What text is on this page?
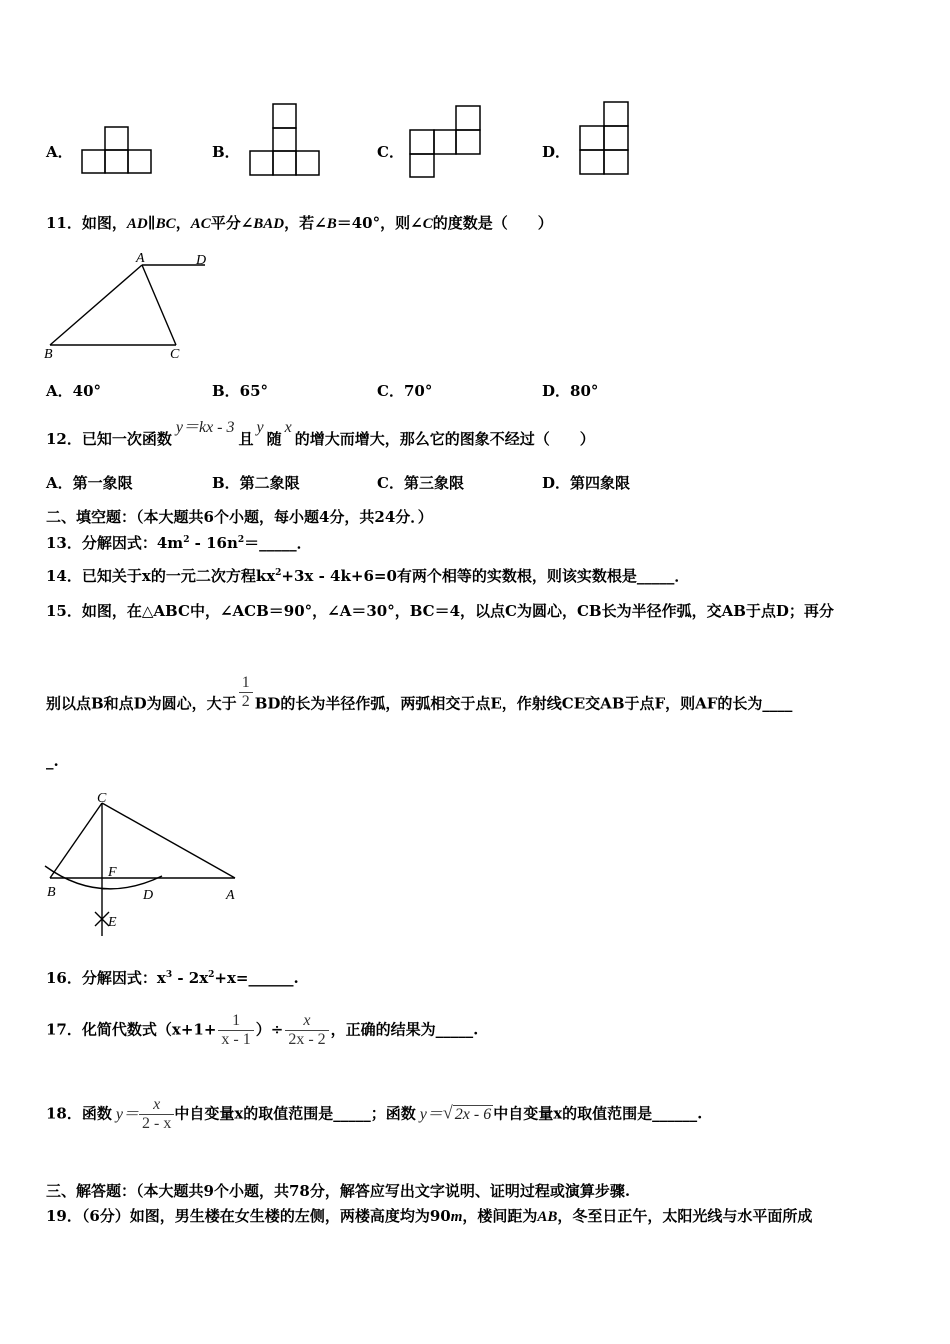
A．	B．	C．	D．
11．如图，AD∥BC，AC平分∠BAD，若∠B＝40°，则∠C的度数是（　　）
A	D
B	C
A．40°	B．65°	C．70°	D．80°
12．已知一次函数y＝kx - 3且y随x的增大而增大，那么它的图象不经过（　　）
A．第一象限	B．第二象限	C．第三象限	D．第四象限
二、填空题：（本大题共6个小题，每小题4分，共24分．）
13．分解因式：$4m^2$ - $16n^2=\_\_\_\_\_$．
14．已知关于x的一元二次方程$kx^2+3x - 4k+6=0$有两个相等的实数根，则该实数根是_____．
15．如图，在△ABC中，∠ACB＝90°，∠A＝30°，BC＝4，以点C为圆心，CB长为半径作弧，交AB于点D；再分
别以点B和点D为圆心，大于 $\frac{1}{2}$ BD的长为半径作弧，两弧相交于点E，作射线CE交AB于点F，则AF的长为____
_.
C
F
B	D	A
E
16．分解因式：$x^3$ - $2x^2+x=\_\_\_\_\_\_$.
17．化简代数式（$x+1+ \frac{1}{x - 1}$ ）÷ $\frac{x}{2x - 2}$ ，正确的结果为_____.
18．函数 $y= \frac{x}{2 - x}$ 中自变量x的取值范围是_____；函数 y＝√ 2x - 6 中自变量x的取值范围是______.
三、解答题：（本大题共9个小题，共78分，解答应写出文字说明、证明过程或演算步骤.
19．（6分）如图，男生楼在女生楼的左侧，两楼高度均为90m，楼间距为AB，冬至日正午，太阳光线与水平面所成
